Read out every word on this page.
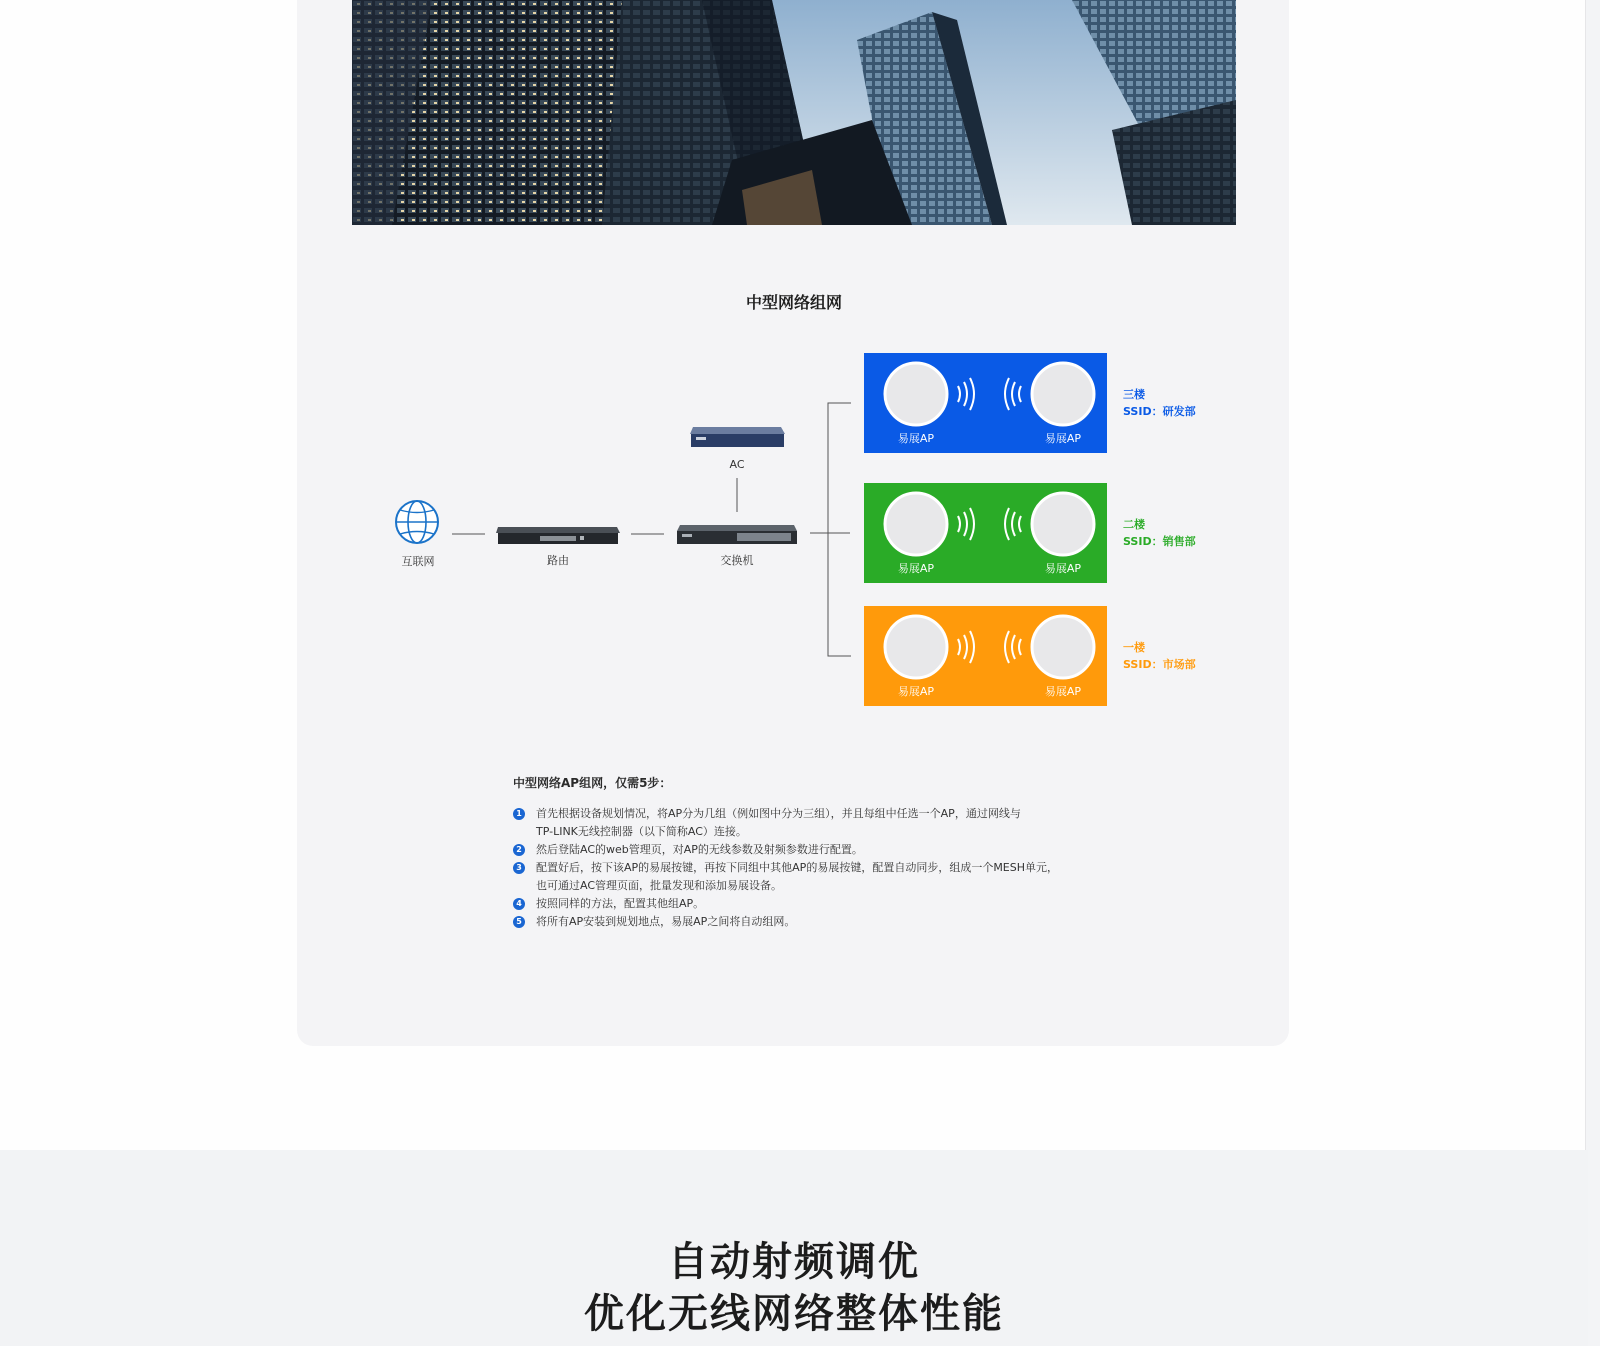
中型网络组网
互联网	路由
AC
交换机
易展AP	易展AP
易展AP	易展AP
易展AP	易展AP
三楼
SSID：研发部
二楼
SSID：销售部
一楼
SSID：市场部
中型网络AP组网，仅需5步：
1 首先根据设备规划情况，将AP分为几组（例如图中分为三组），并且每组中任选一个AP，通过网线与
TP-LINK无线控制器（以下简称AC）连接。
2 然后登陆AC的web管理页，对AP的无线参数及射频参数进行配置。
3 配置好后，按下该AP的易展按键，再按下同组中其他AP的易展按键，配置自动同步，组成一个MESH单元，
也可通过AC管理页面，批量发现和添加易展设备。
4 按照同样的方法，配置其他组AP。
5 将所有AP安装到规划地点，易展AP之间将自动组网。
自动射频调优
优化无线网络整体性能
